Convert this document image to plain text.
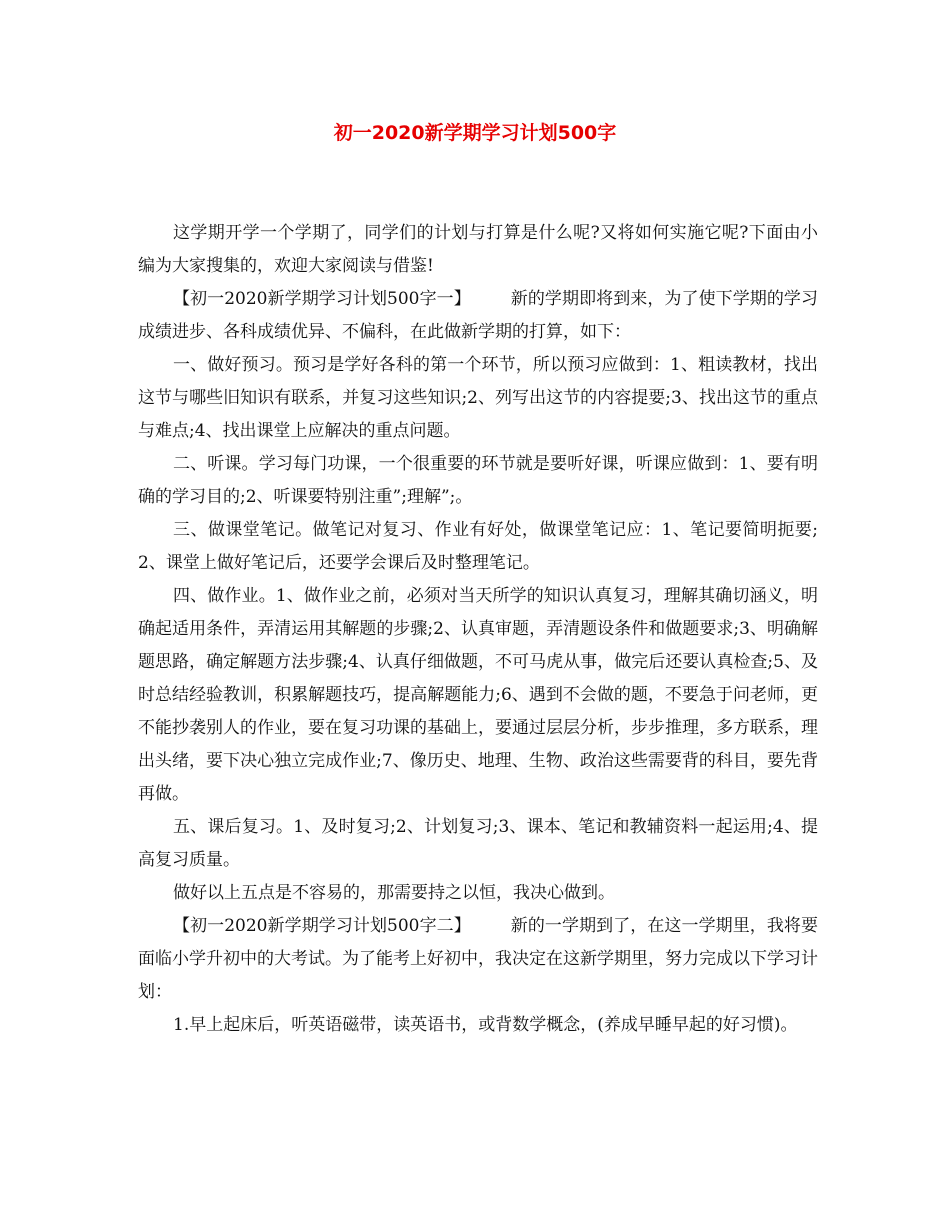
初一2020新学期学习计划500字

这学期开学一个学期了，同学们的计划与打算是什么呢?又将如何实施它呢?下面由小编为大家搜集的，欢迎大家阅读与借鉴!

【初一2020新学期学习计划500字一】 新的学期即将到来，为了使下学期的学习成绩进步、各科成绩优异、不偏科，在此做新学期的打算，如下：

一、做好预习。预习是学好各科的第一个环节，所以预习应做到：1、粗读教材，找出这节与哪些旧知识有联系，并复习这些知识;2、列写出这节的内容提要;3、找出这节的重点与难点;4、找出课堂上应解决的重点问题。

二、听课。学习每门功课，一个很重要的环节就是要听好课，听课应做到：1、要有明确的学习目的;2、听课要特别注重”;理解”;。

三、做课堂笔记。做笔记对复习、作业有好处，做课堂笔记应：1、笔记要简明扼要;2、课堂上做好笔记后，还要学会课后及时整理笔记。

四、做作业。1、做作业之前，必须对当天所学的知识认真复习，理解其确切涵义，明确起适用条件，弄清运用其解题的步骤;2、认真审题，弄清题设条件和做题要求;3、明确解题思路，确定解题方法步骤;4、认真仔细做题，不可马虎从事，做完后还要认真检查;5、及时总结经验教训，积累解题技巧，提高解题能力;6、遇到不会做的题，不要急于问老师，更不能抄袭别人的作业，要在复习功课的基础上，要通过层层分析，步步推理，多方联系，理出头绪，要下决心独立完成作业;7、像历史、地理、生物、政治这些需要背的科目，要先背再做。

五、课后复习。1、及时复习;2、计划复习;3、课本、笔记和教辅资料一起运用;4、提高复习质量。

做好以上五点是不容易的，那需要持之以恒，我决心做到。

【初一2020新学期学习计划500字二】 新的一学期到了，在这一学期里，我将要面临小学升初中的大考试。为了能考上好初中，我决定在这新学期里，努力完成以下学习计划：

1.早上起床后，听英语磁带，读英语书，或背数学概念，(养成早睡早起的好习惯)。
